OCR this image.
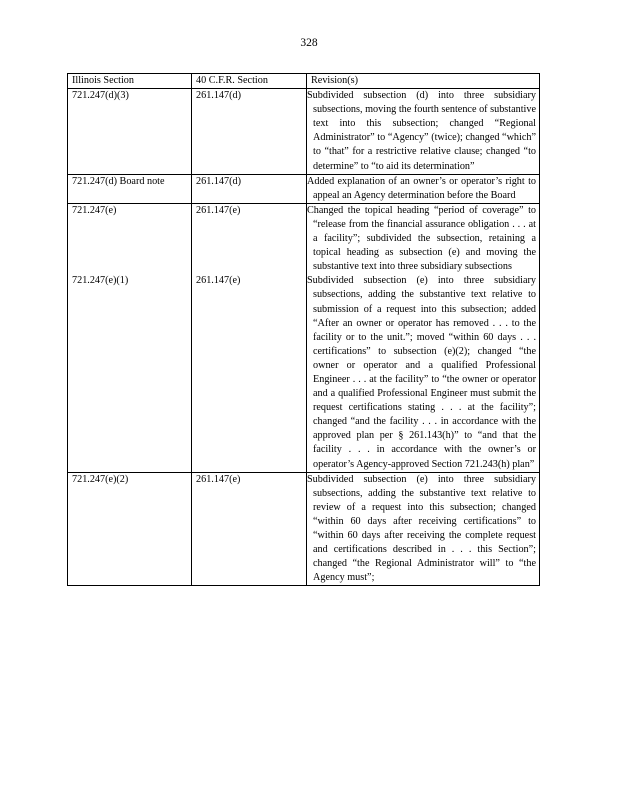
328
Illinois Section	40 C.F.R. Section	Revision(s)
721.247(d)(3)	261.147(d)	Subdivided subsection (d) into three subsidiary subsections, moving the fourth sentence of substantive text into this subsection; changed “Regional Administrator” to “Agency” (twice); changed “which” to “that” for a restrictive relative clause; changed “to determine” to “to aid its determination”

721.247(d) Board note	261.147(d)	Added explanation of an owner’s or operator’s right to appeal an Agency determination before the Board

721.247(e)	261.147(e)	Changed the topical heading “period of coverage” to “release from the financial assurance obligation . . . at a facility”; subdivided the subsection, retaining a topical heading as subsection (e) and moving the substantive text into three subsidiary subsections

721.247(e)(1)	261.147(e)	Subdivided subsection (e) into three subsidiary subsections, adding the substantive text relative to submission of a request into this subsection; added “After an owner or operator has removed . . . to the facility or to the unit.”; moved “within 60 days . . . certifications” to subsection (e)(2); changed “the owner or operator and a qualified Professional Engineer . . . at the facility” to “the owner or operator and a qualified Professional Engineer must submit the request certifications stating . . . at the facility”; changed “and the facility . . . in accordance with the approved plan per § 261.143(h)” to “and that the facility . . . in accordance with the owner’s or operator’s Agency-approved Section 721.243(h) plan”

721.247(e)(2)	261.147(e)	Subdivided subsection (e) into three subsidiary subsections, adding the substantive text relative to review of a request into this subsection; changed “within 60 days after receiving certifications” to “within 60 days after receiving the complete request and certifications described in . . . this Section”; changed “the Regional Administrator will” to “the Agency must”;
